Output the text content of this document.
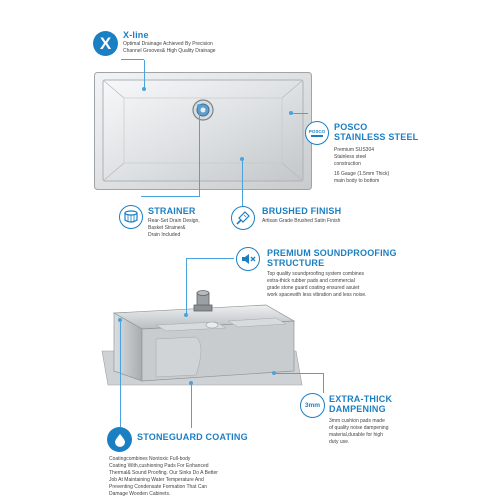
X	X-line
Optimal Drainage Achieved By Precision
Channel Grooves& High Quality Drainage
POSCO POSCO
STAINLESS STEEL
Premium SUS304
Stainless steel
construction
16 Gauge (1.5mm Thick)
main body to bottom
STRAINER
Rear-Set Drain Design,
Basket Strainer&
Drain Included
BRUSHED FINISH
Artisan Grade Brushed Satin Finish
PREMIUM SOUNDPROOFING
STRUCTURE
Top quality soundproofing system combines
extra-thick rubber pads and commercial
grade stone guard coating ensured asuiet
work spacewith less vibration and less noise.
3mm
EXTRA-THICK
DAMPENING
3mm cushion pads made
of quality noise dampening
material,durable for high
duty use.
STONEGUARD COATING
Coatingcombines Nontoxic Full-body
Coating With,cushioning Pads For Enhanced
Thermal& Sound Proofing. Our Sinks Do A Better
Job At Maintaining Water Temperature And
Preventing Condensate Formation That Can
Damage Wooden Cabinets.
